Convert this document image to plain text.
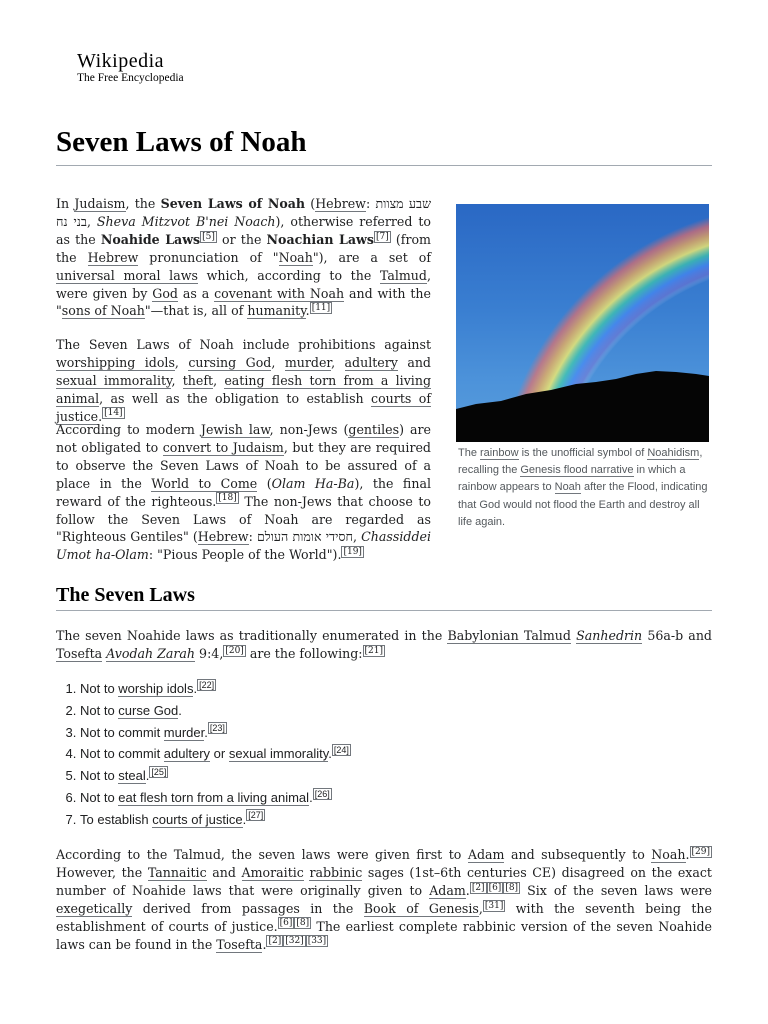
Wikipedia
The Free Encyclopedia
Seven Laws of Noah

In Judaism, the Seven Laws of Noah (Hebrew: שבע מצוות בני נח, Sheva Mitzvot B'nei Noach), otherwise referred to as the Noahide Laws [5] or the Noachian Laws [7] (from the Hebrew pronunciation of "Noah"), are a set of universal moral laws which, according to the Talmud, were given by God as a covenant with Noah and with the "sons of Noah"—that is, all of humanity. [11]

The Seven Laws of Noah include prohibitions against worshipping idols, cursing God, murder, adultery and sexual immorality, theft, eating flesh torn from a living animal, as well as the obligation to establish courts of justice. [14]

According to modern Jewish law, non-Jews (gentiles) are not obligated to convert to Judaism, but they are required to observe the Seven Laws of Noah to be assured of a place in the World to Come (Olam Ha-Ba), the final reward of the righteous. [18] The non-Jews that choose to follow the Seven Laws of Noah are regarded as "Righteous Gentiles" (Hebrew: חסידי אומות העולם, Chassiddei Umot ha-Olam: "Pious People of the World"). [19]

The rainbow is the unofficial symbol of Noahidism, recalling the Genesis flood narrative in which a rainbow appears to Noah after the Flood, indicating that God would not flood the Earth and destroy all life again.
The Seven Laws

The seven Noahide laws as traditionally enumerated in the Babylonian Talmud Sanhedrin 56a-b and Tosefta Avodah Zarah 9:4, [20] are the following: [21]

1. Not to worship idols. [22]
2. Not to curse God.
3. Not to commit murder. [23]
4. Not to commit adultery or sexual immorality. [24]
5. Not to steal. [25]
6. Not to eat flesh torn from a living animal. [26]
7. To establish courts of justice. [27]

According to the Talmud, the seven laws were given first to Adam and subsequently to Noah. [29] However, the Tannaitic and Amoraitic rabbinic sages (1st–6th centuries CE) disagreed on the exact number of Noahide laws that were originally given to Adam. [2] [6] [8] Six of the seven laws were exegetically derived from passages in the Book of Genesis, [31] with the seventh being the establishment of courts of justice. [6] [8] The earliest complete rabbinic version of the seven Noahide laws can be found in the Tosefta. [2] [32] [33]
